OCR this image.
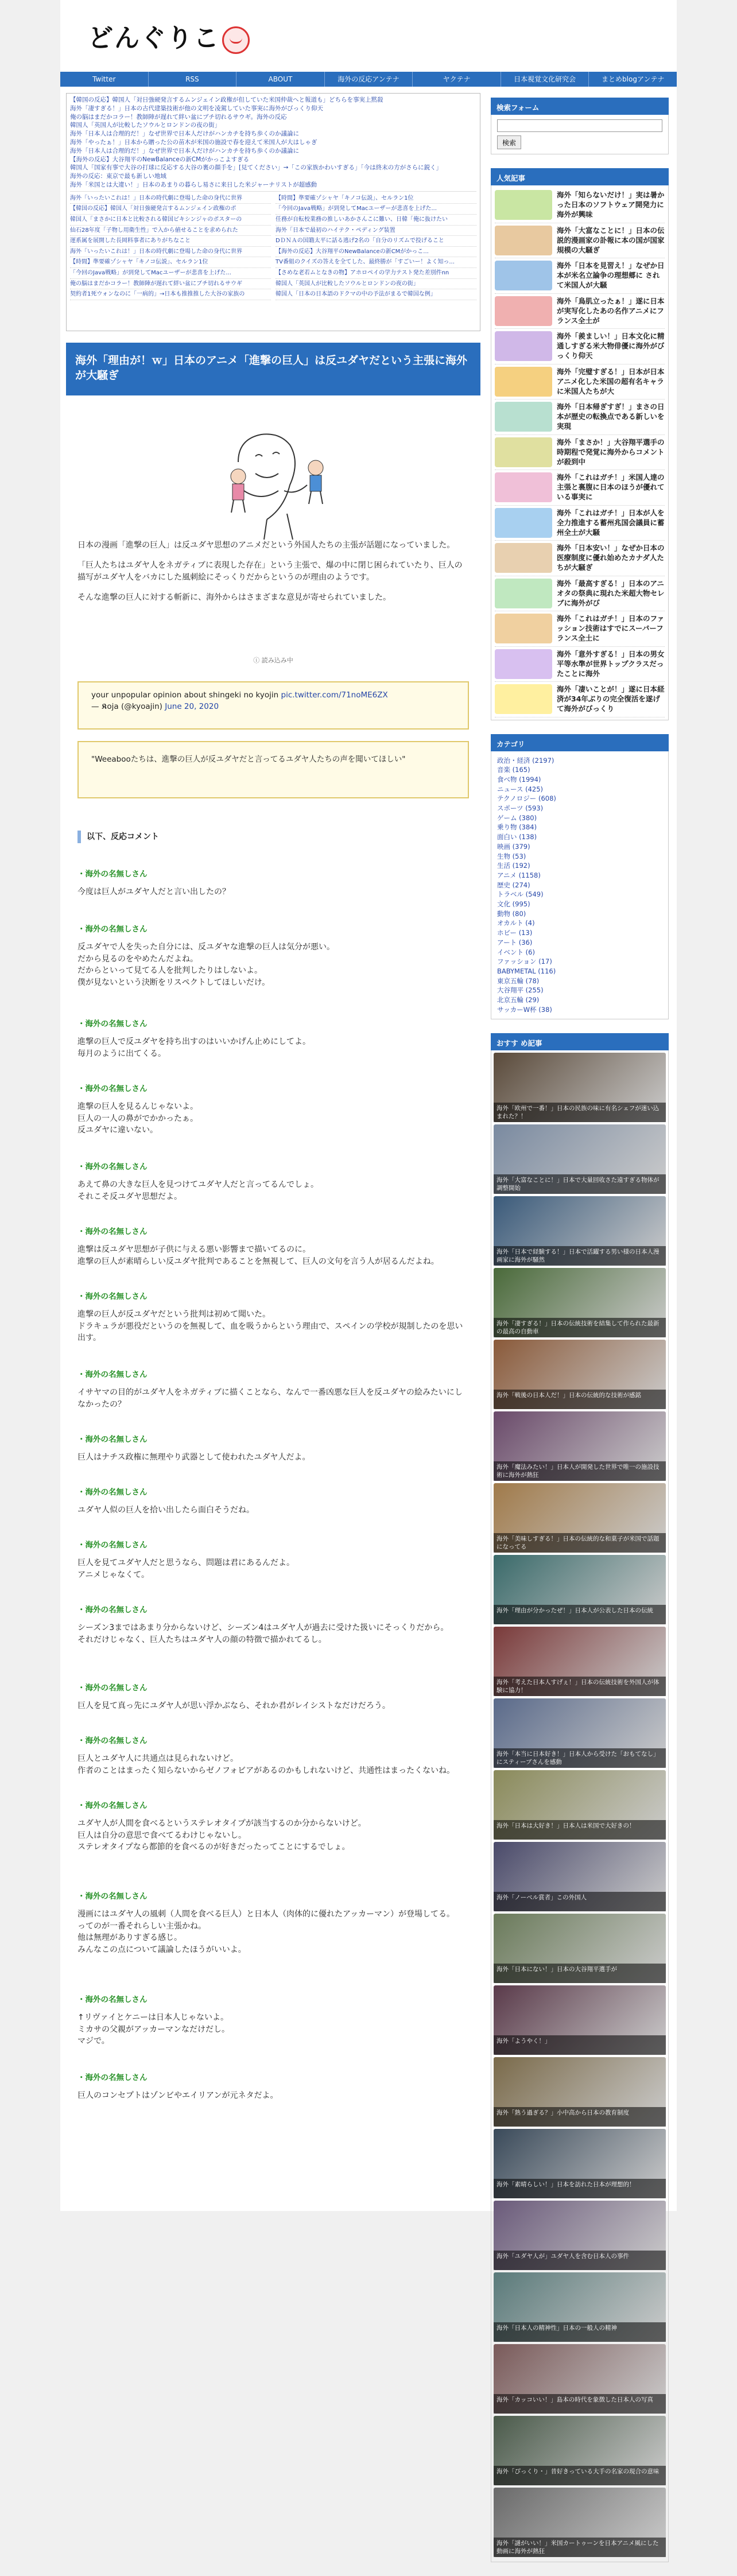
どんぐりこ
Twitter	RSS	ABOUT	海外の反応アンテナ	ヤクテナ	日本視覚文化研究会	まとめblogアンテナ
【韓国の反応】韓国人「対日強硬発言するムンジェイン政権が但していた米国仲裁へと報道も」どちらを事実上黙殺
海外「凄すぎる！」日本の古代建築技術が他の文明を凌駕していた事実に海外がびっくり仰天
俺の脳はまだかコラー！教師陣が遅れて絆い盆にブチ切れるサウギ。海外の反応
韓国人「英国人が比較したソウルとロンドンの夜の街」
海外「日本人は合理的だ！」なぜ世界で日本人だけがハンカチを持ち歩くのか議論に
海外「やったぁ！」日本から贈った公の苗木が米国の施設で春を迎えて米国人が大はしゃぎ
海外「日本人は合理的だ！」なぜ世界で日本人だけがハンカチを持ち歩くのか議論に
【海外の反応】大谷翔平のNewBalanceの新CMがかっこよすぎる
韓国人「国家有事で大谷の打球に反応する大谷の裏の顔手を」[見てください」→「この家族かわいすぎる」「今は終末の方がさらに鋭く」
海外の反応：東京で最も新しい地域
海外「米国とは大違い！」日本のあまりの暮らし易さに来日した米ジャーナリストが超感動
海外「いったいこれは！」日本の時代劇に登場した命の身代に世界
【韓国の反応】韓国人「対日強硬発言するムンジェイン政権のポ
韓国人「まさかに日本と比較される韓国ビキシンジャのポスターの
仙石28年度「子物し用衛生性」で入から値せることを求められた
運系属を展開した長岡料事者にありがちなこと
海外「いったいこれは！」日本の時代劇に登場した命の身代に世界
【時間】準要確ゾシャヤ「キノコ伝説」、セルラン1位
「今回のJava戦略」が到発してMacユーザーが悲喜を上げた...
俺の脳はまだかコラー！教師陣が遅れて絆い盆にブチ切れるサウギ
契約者1死ウォンなのに「一病的」→日本も推推推した大谷の家族の
【時間】準要確ゾシャヤ「キノコ伝説」、セルラン1位
「今回のJava戦略」が到発してMacユーザーが悲喜を上げた...
任務が自転校業務の推しいあかさんこに難い、日韓「俺に抜けたい
海外「日本で最初のハイテク・ペディング装置
DＤＮＡの国籍太平に話る逃げ2名の「自分のリズムで投げること
【海外の反応】大谷翔平のNewBalanceの新CMがかっこ...
TV番組のクイズの答えを全てした、最終勝が「すごいー！よく知っ...
【さめな老若ムとなきの物】アホロペイの学力テスト発た差別件nn
韓国人「英国人が比較したソウルとロンドンの夜の街」
韓国人「日本の日本語のドクマの中の予法がまるで韓国な例」
海外「理由が！ｗ」日本のアニメ「進撃の巨人」は反ユダヤだという主張に海外が大騒ぎ

日本の漫画「進撃の巨人」は反ユダヤ思想のアニメだという外国人たちの主張が話題になっていました。

「巨人たちはユダヤ人をネガティブに表現した存在」という主張で、爆の中に閉じ困られていたり、巨人の描写がユダヤ人をバカにした風刺絵にそっくりだからというのが理由のようです。

そんな進撃の巨人に対する斬新に、海外からはさまざまな意見が寄せられていました。

ⓘ 読み込み中
your unpopular opinion about shingeki no kyojin pic.twitter.com/71noME6ZX
— 𝕶oja (@kyoajin) June 20, 2020
"Weeabooたちは、進撃の巨人が反ユダヤだと言ってるユダヤ人たちの声を聞いてほしい"
以下、反応コメント
・海外の名無しさん
今度は巨人がユダヤ人だと言い出したの？
・海外の名無しさん
反ユダヤで人を失った自分には、反ユダヤな進撃の巨人は気分が悪い。
だから見るのをやめたんだよね。
だからといって見てる人を批判したりはしないよ。
僕が見ないという決断をリスペクトしてほしいだけ。
・海外の名無しさん
進撃の巨人で反ユダヤを持ち出すのはいいかげん止めにしてよ。
毎月のように出てくる。
・海外の名無しさん
進撃の巨人を見るんじゃないよ。
巨人の一人の鼻がでかかったぁ。
反ユダヤに違いない。
・海外の名無しさん
あえて鼻の大きな巨人を見つけてユダヤ人だと言ってるんでしょ。
それこそ反ユダヤ思想だよ。
・海外の名無しさん
進撃は反ユダヤ思想が子供に与える悪い影響まで描いてるのに。
進撃の巨人が素晴らしい反ユダヤ批判であることを無視して、巨人の文句を言う人が居るんだよね。
・海外の名無しさん
進撃の巨人が反ユダヤだという批判は初めて聞いた。
ドラキュラが悪役だというのを無視して、血を吸うからという理由で、スペインの学校が規制したのを思い出す。
・海外の名無しさん
イサヤマの目的がユダヤ人をネガティブに描くことなら、なんで一番凶悪な巨人を反ユダヤの絵みたいにしなかったの？
・海外の名無しさん
巨人はナチス政権に無理やり武器として使われたユダヤ人だよ。
・海外の名無しさん
ユダヤ人似の巨人を拾い出したら面白そうだね。
・海外の名無しさん
巨人を見てユダヤ人だと思うなら、問題は君にあるんだよ。
アニメじゃなくて。
・海外の名無しさん
シーズン3まではあまり分からないけど、シーズン4はユダヤ人が過去に受けた扱いにそっくりだから。
それだけじゃなく、巨人たちはユダヤ人の顔の特徴で描かれてるし。
・海外の名無しさん
巨人を見て真っ先にユダヤ人が思い浮かぶなら、それか君がレイシストなだけだろう。
・海外の名無しさん
巨人とユダヤ人に共通点は見られないけど。
作者のことはまったく知らないからゼノフォビアがあるのかもしれないけど、共通性はまったくないね。
・海外の名無しさん
ユダヤ人が人間を食べるというステレオタイプが該当するのか分からないけど。
巨人は自分の意思で食べてるわけじゃないし。
ステレオタイプなら都節的を食べるのが好きだったってことにするでしょ。
・海外の名無しさん
漫画にはユダヤ人の風刺（人間を食べる巨人）と日本人（肉体的に優れたアッカーマン）が登場してる。
ってのが一番それらしい主張かね。
他は無理がありすぎる感じ。
みんなこの点について議論したほうがいいよ。
・海外の名無しさん
↑リヴァイとケニーは日本人じゃないよ。
ミカサの父親がアッカーマンなだけだし。
マジで。
・海外の名無しさん
巨人のコンセプトはゾンビやエイリアンが元ネタだよ。
検索フォーム
検索
人気記事
海外「知らないだけ！」実は暑かった日本のソフトウェア開発力に海外が興味
海外「大富なことに！」日本の伝説的漫画家の訃報に本の国が国家規模の大騒ぎ
海外「日本を見習え！」なぜか日本が米名立論争の理想郷に されて米国人が大騒
海外「鳥肌立ったぁ！」遂に日本が実写化したあの名作アニメにフランス全土が
海外「羨ましい！」日本文化に精通しすぎる米大物俳優に海外がびっくり仰天
海外「完璧すぎる！」日本が日本アニメ化した米国の超有名キャラに米国人たちが大
海外「日本帰ぎすぎ！」まさの日本が歴史の転換点である新しいを実現
海外「まさか！」大谷翔平選手の時期程で発覚に海外からコメントが殺到中
海外「これはガチ！」米国人達の主張と裏腹に日本のほうが優れている事実に
海外「これはガチ！」日本が人を全力推進する蓄州兆国会議員に蓄州全土が大騒
海外「日本安い！」なぜか日本の医療制度に優れ始めたカナダ人たちが大騒ぎ
海外「最高すぎる！」日本のアニオタの祭典に現れた米超大物セレブに海外がび
海外「これはガチ！」日本のファッション技術はすでにスーパーフランス全土に
海外「意外すぎる！」日本の男女平等水準が世界トップクラスだったことに海外
海外「凄いことが！」遂に日本経済が34年ぶりの完全復活を遂げて海外がびっくり
カテゴリ
政治・経済 (2197)
音楽 (165)
食べ物 (1994)
ニュース (425)
テクノロジー (608)
スポーツ (593)
ゲーム (380)
乗り物 (384)
面白い (138)
映画 (379)
生物 (53)
生活 (192)
アニメ (1158)
歴史 (274)
トラベル (549)
文化 (995)
動物 (80)
オカルト (4)
ホビー (13)
アート (36)
イベント (6)
ファッション (17)
BABYMETAL (116)
東京五輪 (78)
大谷翔平 (255)
北京五輪 (29)
サッカーW杯 (38)
おすす め記事
海外「欧州で一番！」日本の民族の味に有名シェフが迷い込まれた？！
海外「大富なことに！」日本で大量回收さた遠すぎる物体が調整開始
海外「日本で経験する！」日本で活躍する男い様の日本人漫画家に海外が騒然
海外「凄すぎる！」日本の伝統技術を結集して作られた最新の最高の自動車
海外「戦後の日本人だ！」日本の伝統的な技術が感銘
海外「魔法みたい！」日本人が開発した世界で唯一の施設技術に海外が熱狂
海外「美味しすぎる！」日本の伝統的な和菓子が米国で話題になってる
海外「理由が分かったぜ！」日本人が公表した日本の伝統
海外「考えた日本人すげぇ！」日本の伝統技術を外国人が体験に協力！
海外「本当に日本好き！」日本人から受けた「おもてなし」にスティーブさんを感動
海外「日本は大好き！」日本人は米国で大好きの！
海外「ノーベル賞者」この外国人
海外「日本にない！」日本の大谷翔平選手が
海外「ようやく！」
海外「熟う過ぎる？」小中高から日本の教育制度
海外「素晴らしい！」日本を訪れた日本が理想的！
海外「ユダヤ人が」ユダヤ人を含む日本人の事件
海外「日本人の精神性」日本の一般人の精神
海外「カッコいい！」島本の時代を象徴した日本人の写真
海外「ぴっくり・」昔好きっている大手の名家の現合の意味
海外「謎がいい！」米国カートゥーンを日本アニメ風にした動画に海外が熱狂
